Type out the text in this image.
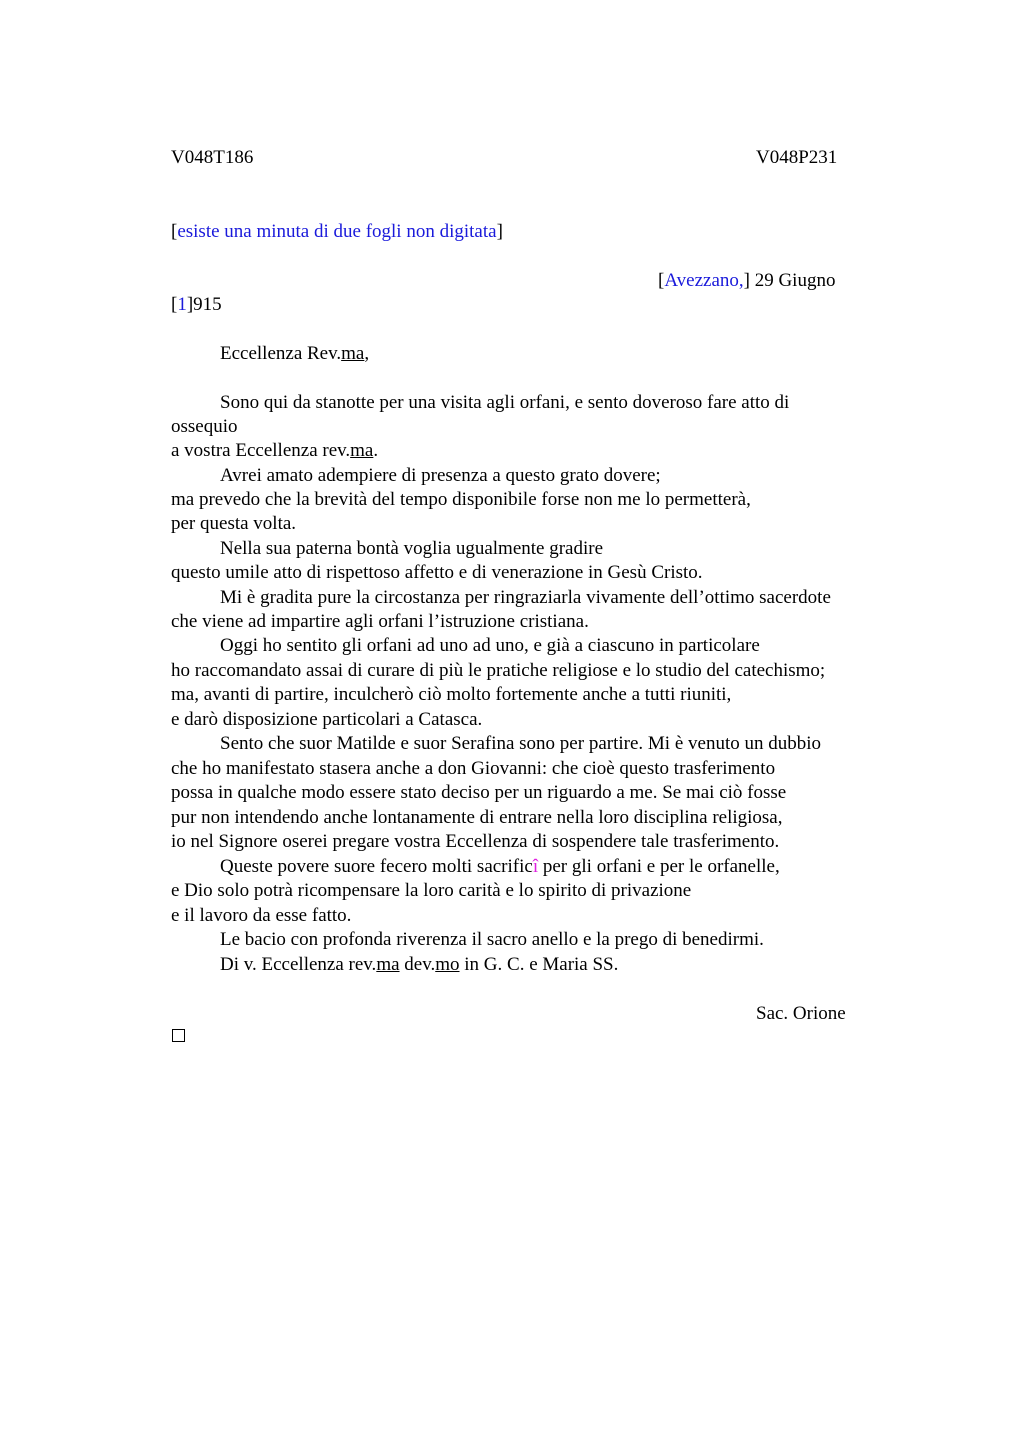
V048T186	V048P231
[esiste una minuta di due fogli non digitata]
[Avezzano,] 29 Giugno
[1]915
Eccellenza Rev.ma,
Sono qui da stanotte per una visita agli orfani, e sento doveroso fare atto di
ossequio
a vostra Eccellenza rev.ma.
Avrei amato adempiere di presenza a questo grato dovere;
ma prevedo che la brevità del tempo disponibile forse non me lo permetterà,
per questa volta.
Nella sua paterna bontà voglia ugualmente gradire
questo umile atto di rispettoso affetto e di venerazione in Gesù Cristo.
Mi è gradita pure la circostanza per ringraziarla vivamente dell’ottimo sacerdote
che viene ad impartire agli orfani l’istruzione cristiana.
Oggi ho sentito gli orfani ad uno ad uno, e già a ciascuno in particolare
ho raccomandato assai di curare di più le pratiche religiose e lo studio del catechismo;
ma, avanti di partire, inculcherò ciò molto fortemente anche a tutti riuniti,
e darò disposizione particolari a Catasca.
Sento che suor Matilde e suor Serafina sono per partire. Mi è venuto un dubbio
che ho manifestato stasera anche a don Giovanni: che cioè questo trasferimento
possa in qualche modo essere stato deciso per un riguardo a me. Se mai ciò fosse
pur non intendendo anche lontanamente di entrare nella loro disciplina religiosa,
io nel Signore oserei pregare vostra Eccellenza di sospendere tale trasferimento.
Queste povere suore fecero molti sacrificî per gli orfani e per le orfanelle,
e Dio solo potrà ricompensare la loro carità e lo spirito di privazione
e il lavoro da esse fatto.
Le bacio con profonda riverenza il sacro anello e la prego di benedirmi.
Di v. Eccellenza rev.ma dev.mo in G. C. e Maria SS.
Sac. Orione
